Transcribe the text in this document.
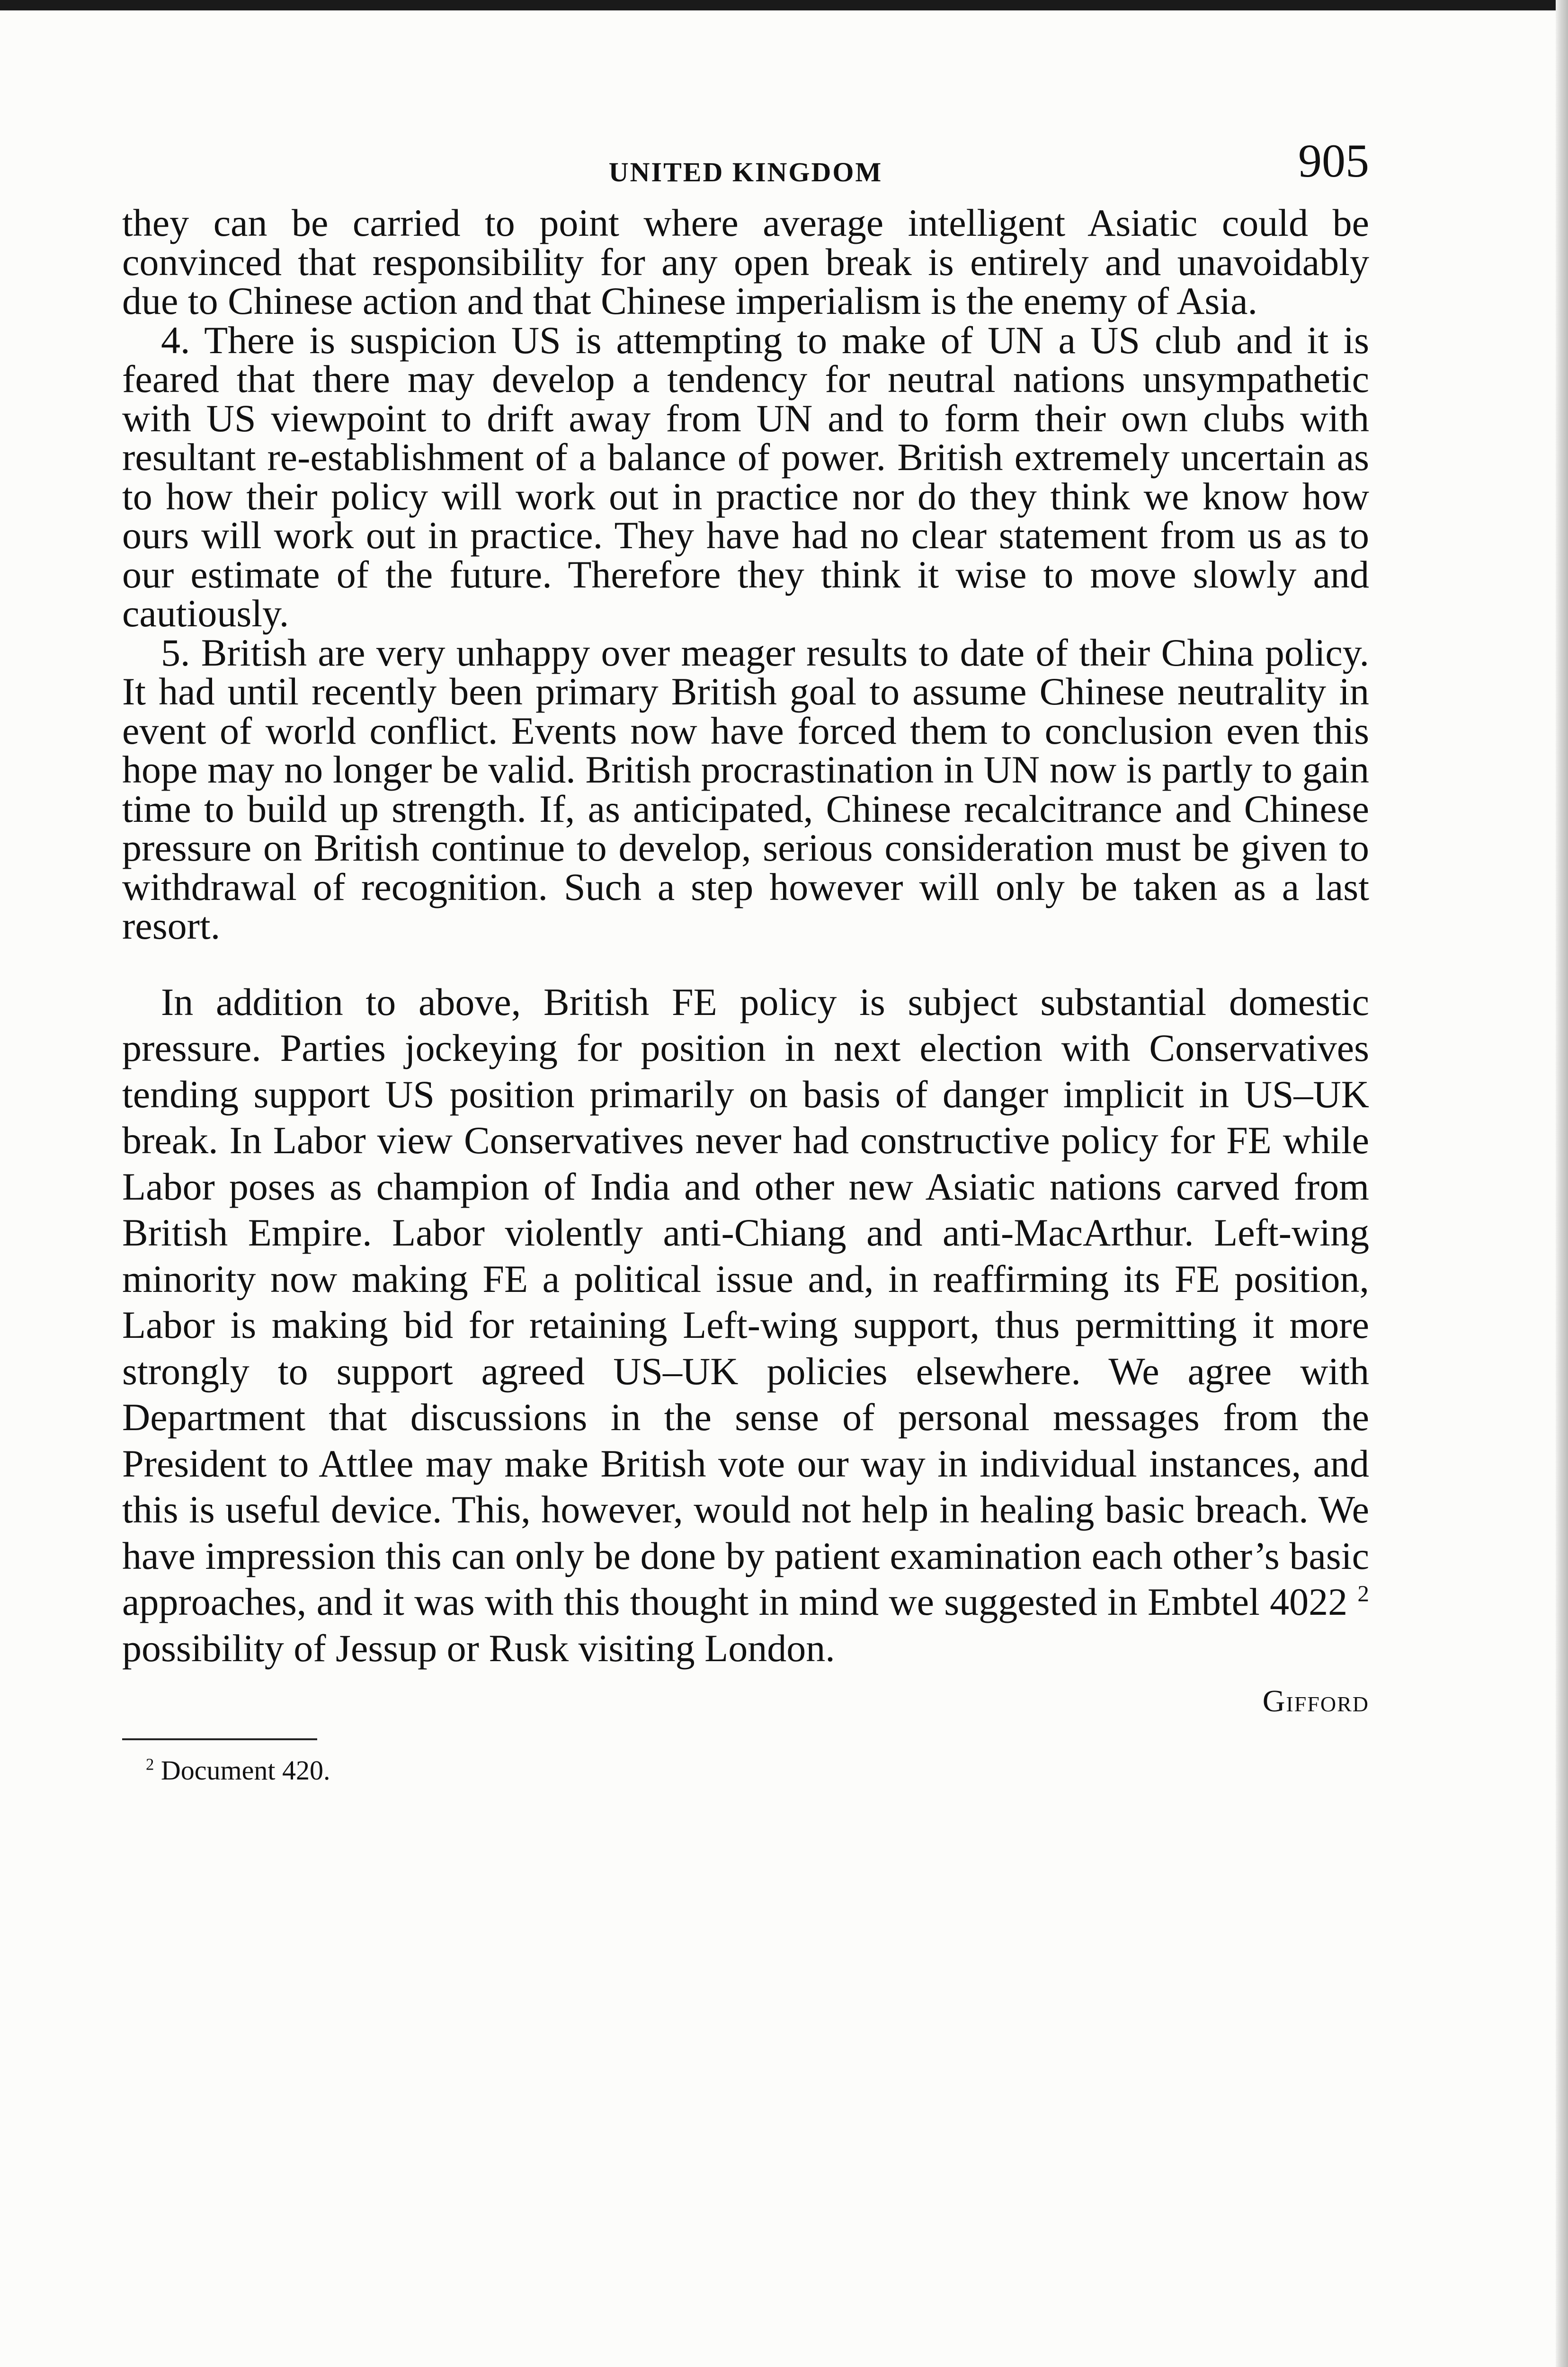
UNITED KINGDOM	905

they can be carried to point where average intelligent Asiatic could be convinced that responsibility for any open break is entirely and unavoidably due to Chinese action and that Chinese imperialism is the enemy of Asia.

4. There is suspicion US is attempting to make of UN a US club and it is feared that there may develop a tendency for neutral nations unsympathetic with US viewpoint to drift away from UN and to form their own clubs with resultant re-establishment of a balance of power. British extremely uncertain as to how their policy will work out in practice nor do they think we know how ours will work out in practice. They have had no clear statement from us as to our estimate of the future. Therefore they think it wise to move slowly and cautiously.

5. British are very unhappy over meager results to date of their China policy. It had until recently been primary British goal to assume Chinese neutrality in event of world conflict. Events now have forced them to conclusion even this hope may no longer be valid. British procrastination in UN now is partly to gain time to build up strength. If, as anticipated, Chinese recalcitrance and Chinese pressure on British continue to develop, serious consideration must be given to withdrawal of recognition. Such a step however will only be taken as a last resort.

In addition to above, British FE policy is subject substantial domestic pressure. Parties jockeying for position in next election with Conservatives tending support US position primarily on basis of danger implicit in US–UK break. In Labor view Conservatives never had constructive policy for FE while Labor poses as champion of India and other new Asiatic nations carved from British Empire. Labor violently anti-Chiang and anti-MacArthur. Left-wing minority now making FE a political issue and, in reaffirming its FE position, Labor is making bid for retaining Left-wing support, thus permitting it more strongly to support agreed US–UK policies elsewhere. We agree with Department that discussions in the sense of personal messages from the President to Attlee may make British vote our way in individual instances, and this is useful device. This, however, would not help in healing basic breach. We have impression this can only be done by patient examination each other’s basic approaches, and it was with this thought in mind we suggested in Embtel 4022 $^2$ possibility of Jessup or Rusk visiting London.

Gifford
$^2$ Document 420.
